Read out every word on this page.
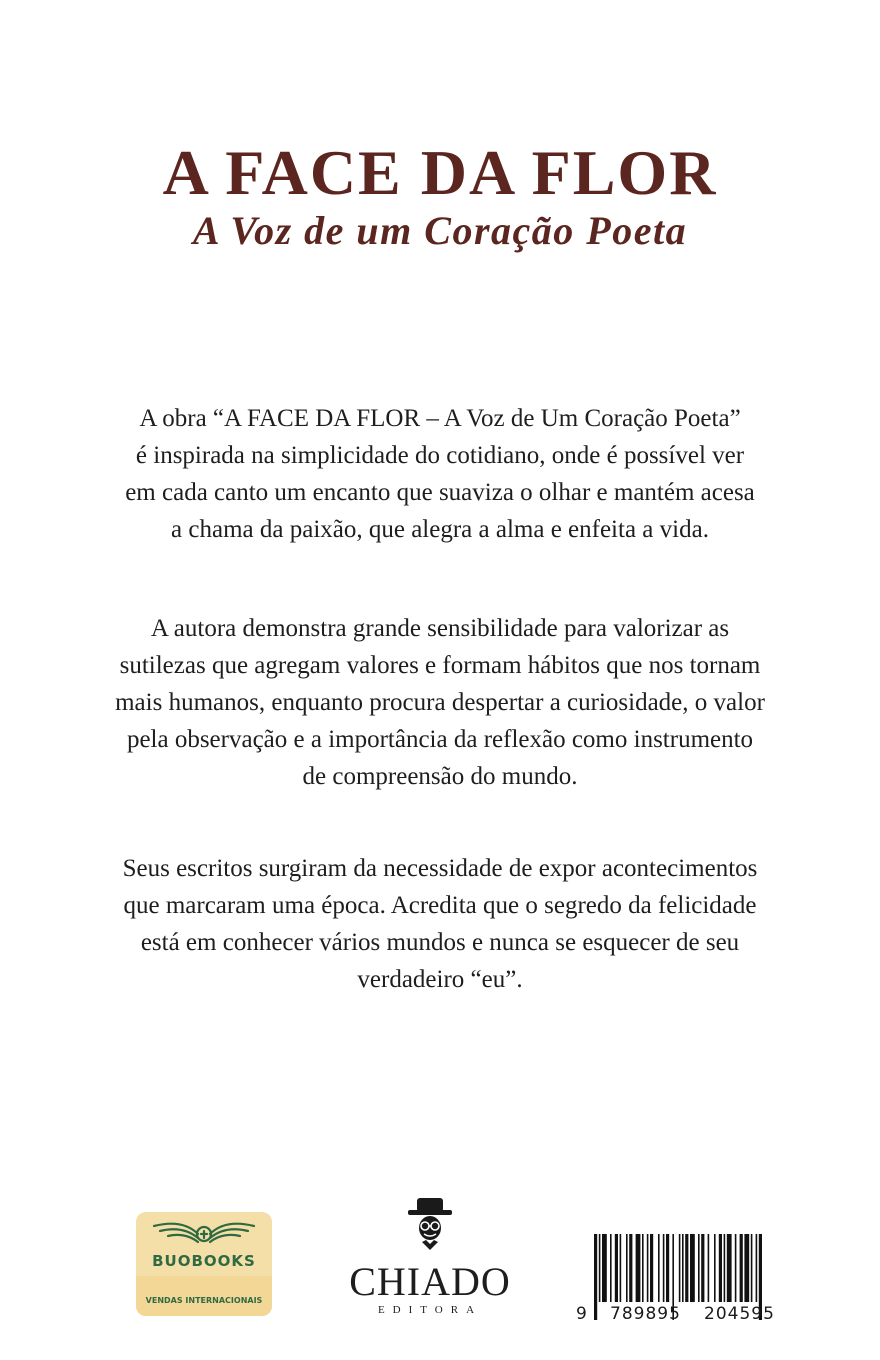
A FACE DA FLOR
A Voz de um Coração Poeta

A obra “A FACE DA FLOR – A Voz de Um Coração Poeta”
é inspirada na simplicidade do cotidiano, onde é possível ver
em cada canto um encanto que suaviza o olhar e mantém acesa
a chama da paixão, que alegra a alma e enfeita a vida.

A autora demonstra grande sensibilidade para valorizar as
sutilezas que agregam valores e formam hábitos que nos tornam
mais humanos, enquanto procura despertar a curiosidade, o valor
pela observação e a importância da reflexão como instrumento
de compreensão do mundo.

Seus escritos surgiram da necessidade de expor acontecimentos
que marcaram uma época. Acredita que o segredo da felicidade
está em conhecer vários mundos e nunca se esquecer de seu
verdadeiro “eu”.

BUOBOOKS
VENDAS INTERNACIONAIS CHIADO
EDITORA	9 789895 204595
